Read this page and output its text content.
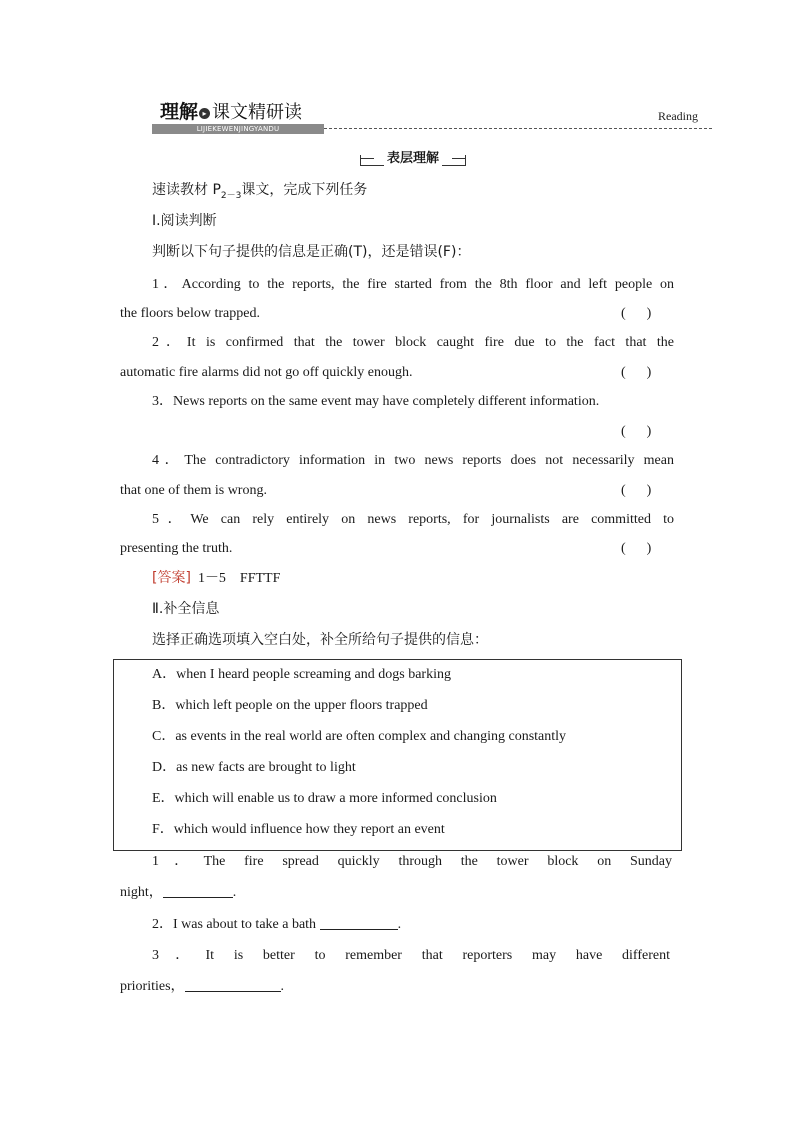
理解 ▸ 课文精研读
LIJIEKEWENJINGYANDU
Reading
表层理解
速读教材 $P_{2-3}$课文，完成下列任务
Ⅰ.阅读判断
判断以下句子提供的信息是正确(T)，还是错误(F)：
1．According to the reports, the fire started from the 8th floor and left people on
the floors below trapped.	(      )
2．It is confirmed that the tower block caught fire due to the fact that the
automatic fire alarms did not go off quickly enough.	(      )
3．News reports on the same event may have completely different information.
(      )
4．The contradictory information in two news reports does not necessarily mean
that one of them is wrong.	(      )
5．We can rely entirely on news reports, for journalists are committed to
presenting the truth.	(      )
[答案] 1－5　FFTTF
Ⅱ.补全信息
选择正确选项填入空白处，补全所给句子提供的信息：
A．when I heard people screaming and dogs barking
B．which left people on the upper floors trapped
C．as events in the real world are often complex and changing constantly
D．as new facts are brought to light
E．which will enable us to draw a more informed conclusion
F．which would influence how they report an event
1．The fire spread quickly through the tower block on Sunday
night，	.
2．I was about to take a bath	.
3．It is better to remember that reporters may have different
priorities，	.
